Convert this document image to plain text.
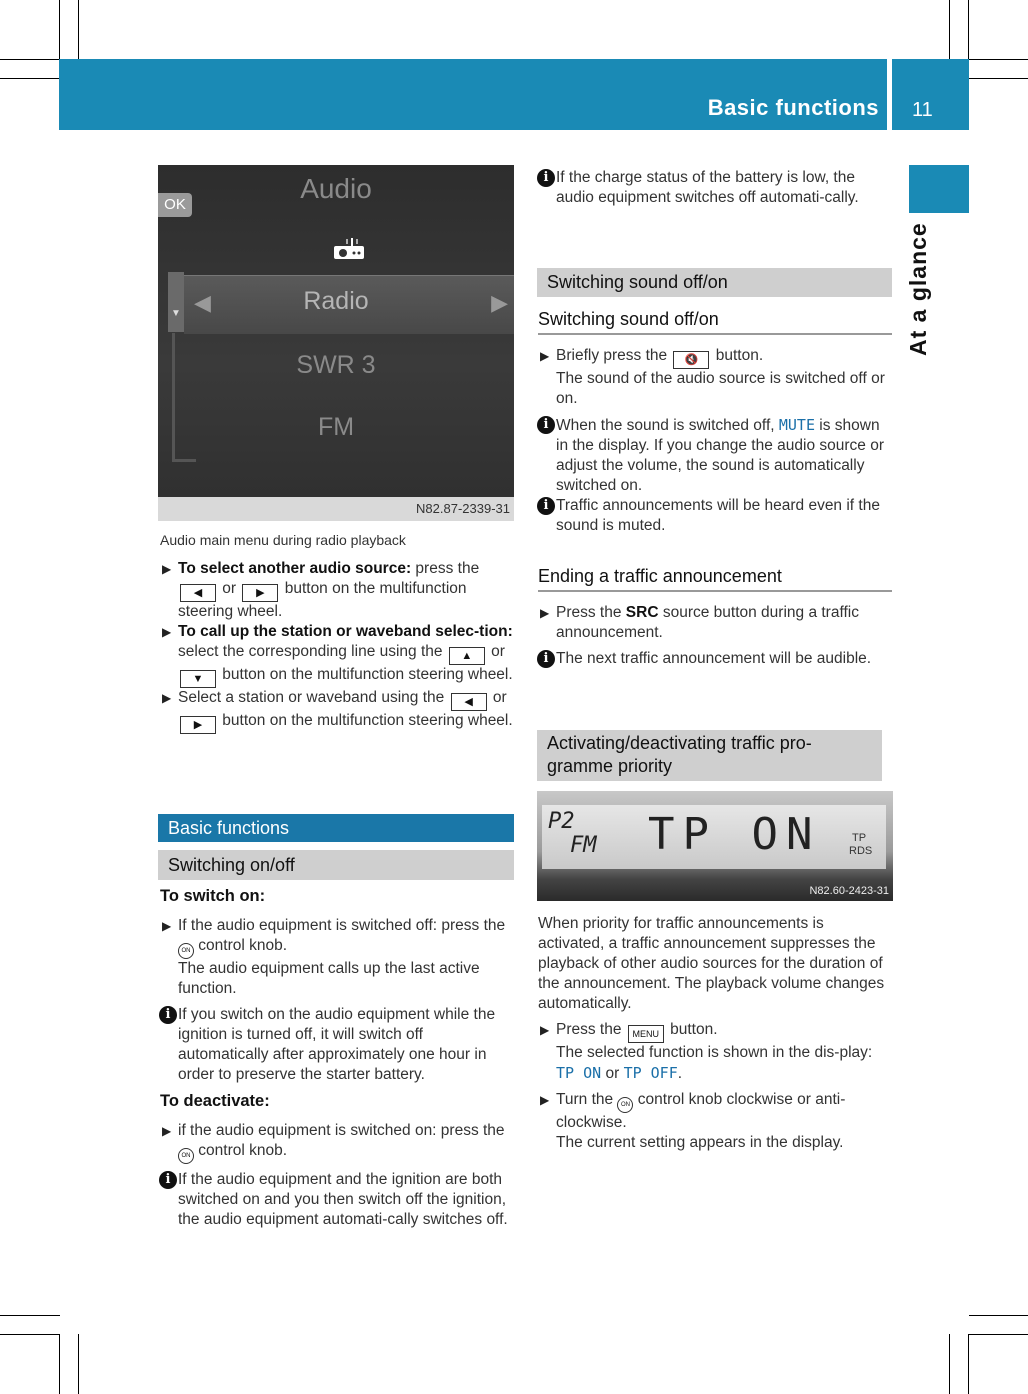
Basic functions 11
At a glance
Audio
OK
▼ ◀	▶
Radio
SWR 3
FM
N82.87-2339-31
Audio main menu during radio playback

▶ To select another audio source: press the ◀ or ▶ button on the multifunction steering wheel.

▶ To call up the station or waveband selec-tion: select the corresponding line using the ▲ or ▼ button on the multifunction steering wheel.

▶ Select a station or waveband using the ◀ or ▶ button on the multifunction steering wheel.

Basic functions
Switching on/off

To switch on:

▶ If the audio equipment is switched off: press theON control knob.
The audio equipment calls up the last active function.

i If you switch on the audio equipment while the ignition is turned off, it will switch off automatically after approximately one hour in order to preserve the starter battery.

To deactivate:

▶ if the audio equipment is switched on: press the ON control knob.

i If the audio equipment and the ignition are both switched on and you then switch off the ignition, the audio equipment automati-cally switches off.

i If the charge status of the battery is low, the audio equipment switches off automati-cally.

Switching sound off/on
Switching sound off/on

▶ Briefly press the 🔇 button.
The sound of the audio source is switched off or on.

i When the sound is switched off, MUTE is shown in the display. If you change the audio source or adjust the volume, the sound is automatically switched on.

i Traffic announcements will be heard even if the sound is muted.

Ending a traffic announcement

▶ Press the SRC source button during a traffic announcement.

i The next traffic announcement will be audible.

Activating/deactivating traffic pro-gramme priority
P2
FM TP ON	TP
RDS
N82.60-2423-31

When priority for traffic announcements is activated, a traffic announcement suppresses the playback of other audio sources for the duration of the announcement. The playback volume changes automatically.

▶ Press the MENU button.
The selected function is shown in the dis-play: TP ON or TP OFF.

▶ Turn the ON control knob clockwise or anti-clockwise.
The current setting appears in the display.
